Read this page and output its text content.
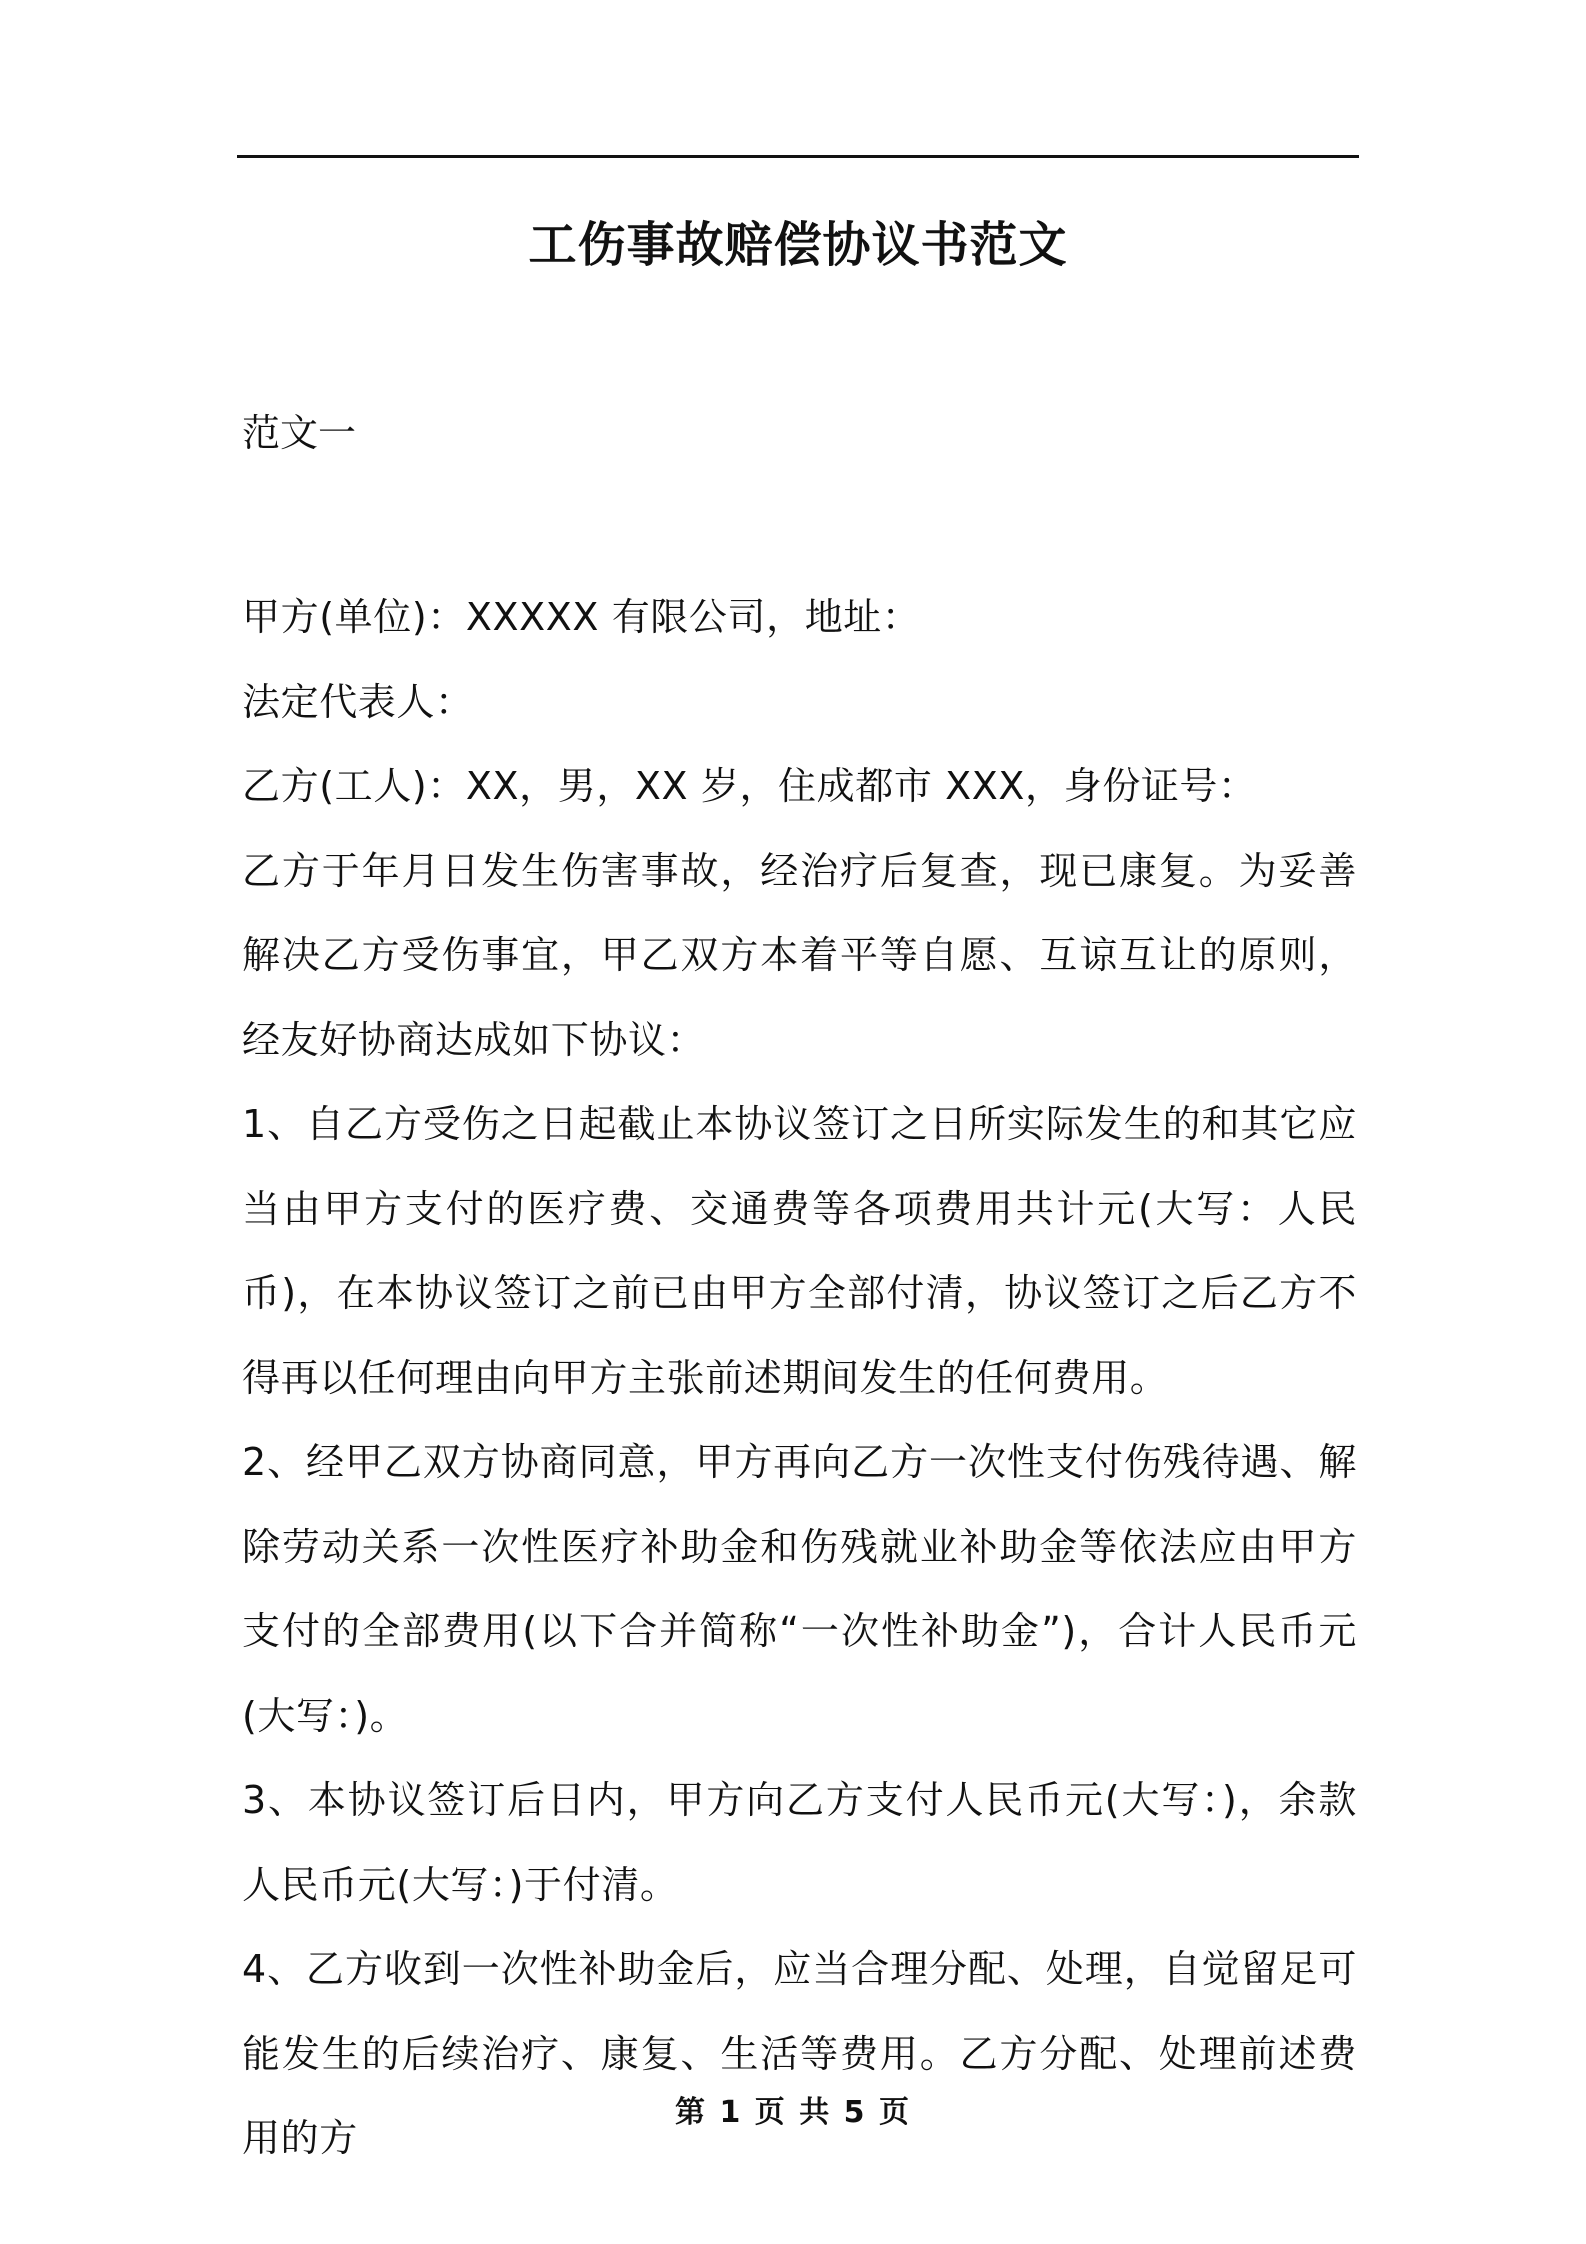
工伤事故赔偿协议书范文
范文一

甲方(单位)：XXXXX 有限公司，地址：

法定代表人：

乙方(工人)：XX，男，XX 岁，住成都市 XXX，身份证号：

乙方于年月日发生伤害事故，经治疗后复查，现已康复。为妥善解决乙方受伤事宜，甲乙双方本着平等自愿、互谅互让的原则，经友好协商达成如下协议：

1、自乙方受伤之日起截止本协议签订之日所实际发生的和其它应当由甲方支付的医疗费、交通费等各项费用共计元(大写：人民币)，在本协议签订之前已由甲方全部付清，协议签订之后乙方不得再以任何理由向甲方主张前述期间发生的任何费用。

2、经甲乙双方协商同意，甲方再向乙方一次性支付伤残待遇、解除劳动关系一次性医疗补助金和伤残就业补助金等依法应由甲方支付的全部费用(以下合并简称“一次性补助金”)，合计人民币元(大写：)。

3、本协议签订后日内，甲方向乙方支付人民币元(大写：)，余款人民币元(大写：)于付清。

4、乙方收到一次性补助金后，应当合理分配、处理，自觉留足可能发生的后续治疗、康复、生活等费用。乙方分配、处理前述费用的方

第 1 页 共 5 页
